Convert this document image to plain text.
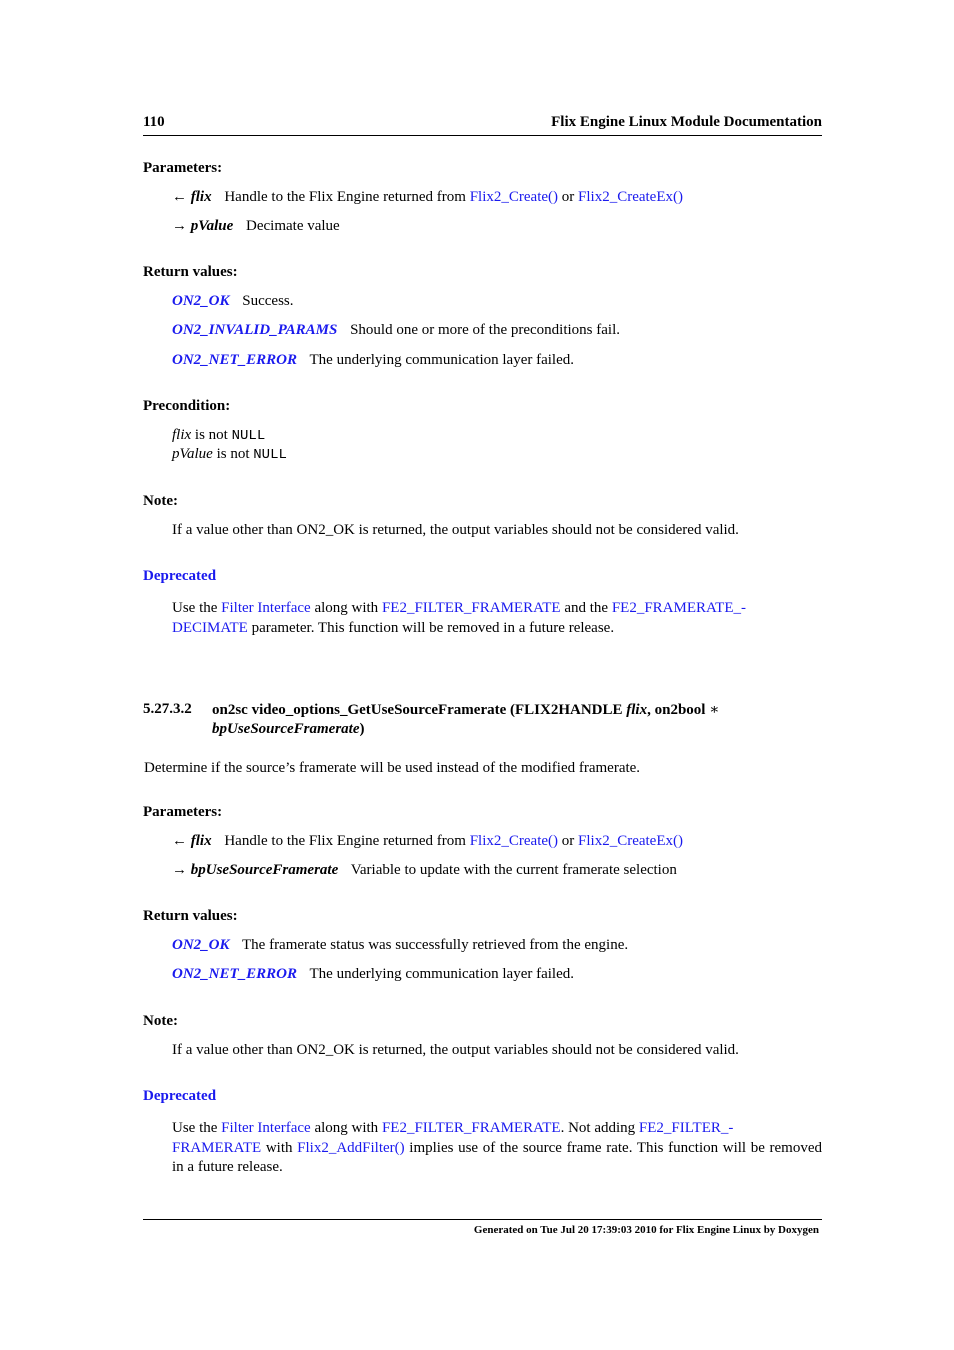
110	Flix Engine Linux Module Documentation
Parameters:
← flix Handle to the Flix Engine returned from Flix2_Create() or Flix2_CreateEx()
→ pValue Decimate value
Return values:
ON2_OK Success.
ON2_INVALID_PARAMS Should one or more of the preconditions fail.
ON2_NET_ERROR The underlying communication layer failed.
Precondition:
flix is not NULL
pValue is not NULL
Note:
If a value other than ON2_OK is returned, the output variables should not be considered valid.
Deprecated
Use the Filter Interface along with FE2_FILTER_FRAMERATE and the FE2_FRAMERATE_-
DECIMATE parameter. This function will be removed in a future release.
5.27.3.2 on2sc video_options_GetUseSourceFramerate (FLIX2HANDLE flix, on2bool ∗
bpUseSourceFramerate)
Determine if the source’s framerate will be used instead of the modified framerate.
Parameters:
← flix Handle to the Flix Engine returned from Flix2_Create() or Flix2_CreateEx()
→ bpUseSourceFramerate Variable to update with the current framerate selection
Return values:
ON2_OK The framerate status was successfully retrieved from the engine.
ON2_NET_ERROR The underlying communication layer failed.
Note:
If a value other than ON2_OK is returned, the output variables should not be considered valid.
Deprecated
Use the Filter Interface along with FE2_FILTER_FRAMERATE. Not adding FE2_FILTER_-
FRAMERATE with Flix2_AddFilter() implies use of the source frame rate. This function will be removed in a future release.
Generated on Tue Jul 20 17:39:03 2010 for Flix Engine Linux by Doxygen
